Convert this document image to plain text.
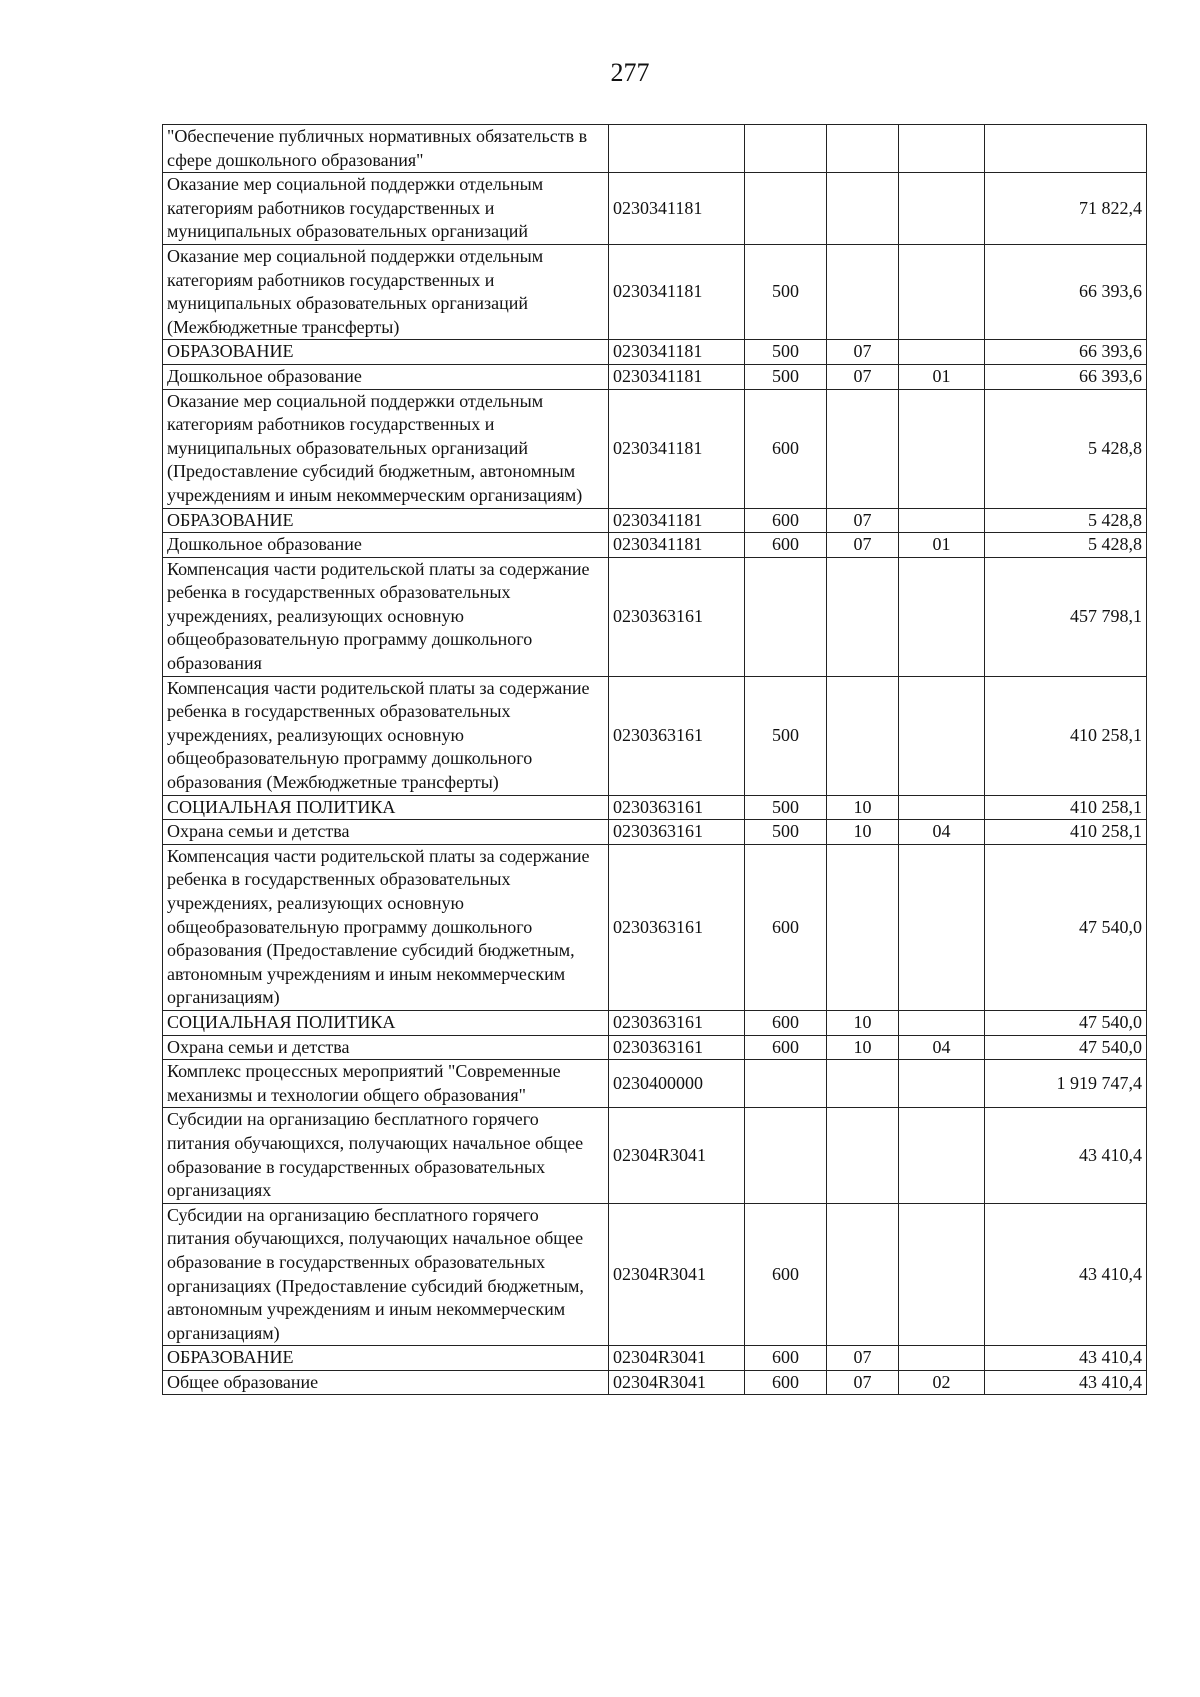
277
"Обеспечение публичных нормативных обязательств в сфере дошкольного образования"					
Оказание мер социальной поддержки отдельным категориям работников государственных и муниципальных образовательных организаций	0230341181				71 822,4
Оказание мер социальной поддержки отдельным категориям работников государственных и муниципальных образовательных организаций (Межбюджетные трансферты)	0230341181	500			66 393,6
ОБРАЗОВАНИЕ	0230341181	500	07		66 393,6
Дошкольное образование	0230341181	500	07	01	66 393,6
Оказание мер социальной поддержки отдельным категориям работников государственных и муниципальных образовательных организаций (Предоставление субсидий бюджетным, автономным учреждениям и иным некоммерческим организациям)	0230341181	600			5 428,8
ОБРАЗОВАНИЕ	0230341181	600	07		5 428,8
Дошкольное образование	0230341181	600	07	01	5 428,8
Компенсация части родительской платы за содержание ребенка в государственных образовательных учреждениях, реализующих основную общеобразовательную программу дошкольного образования	0230363161				457 798,1
Компенсация части родительской платы за содержание ребенка в государственных образовательных учреждениях, реализующих основную общеобразовательную программу дошкольного образования (Межбюджетные трансферты)	0230363161	500			410 258,1
СОЦИАЛЬНАЯ ПОЛИТИКА	0230363161	500	10		410 258,1
Охрана семьи и детства	0230363161	500	10	04	410 258,1
Компенсация части родительской платы за содержание ребенка в государственных образовательных учреждениях, реализующих основную общеобразовательную программу дошкольного образования (Предоставление субсидий бюджетным, автономным учреждениям и иным некоммерческим организациям)	0230363161	600			47 540,0
СОЦИАЛЬНАЯ ПОЛИТИКА	0230363161	600	10		47 540,0
Охрана семьи и детства	0230363161	600	10	04	47 540,0
Комплекс процессных мероприятий "Современные механизмы и технологии общего образования"	0230400000				1 919 747,4
Субсидии на организацию бесплатного горячего питания обучающихся, получающих начальное общее образование в государственных образовательных организациях	02304R3041				43 410,4
Субсидии на организацию бесплатного горячего питания обучающихся, получающих начальное общее образование в государственных образовательных организациях (Предоставление субсидий бюджетным, автономным учреждениям и иным некоммерческим организациям)	02304R3041	600			43 410,4
ОБРАЗОВАНИЕ	02304R3041	600	07		43 410,4
Общее образование	02304R3041	600	07	02	43 410,4
